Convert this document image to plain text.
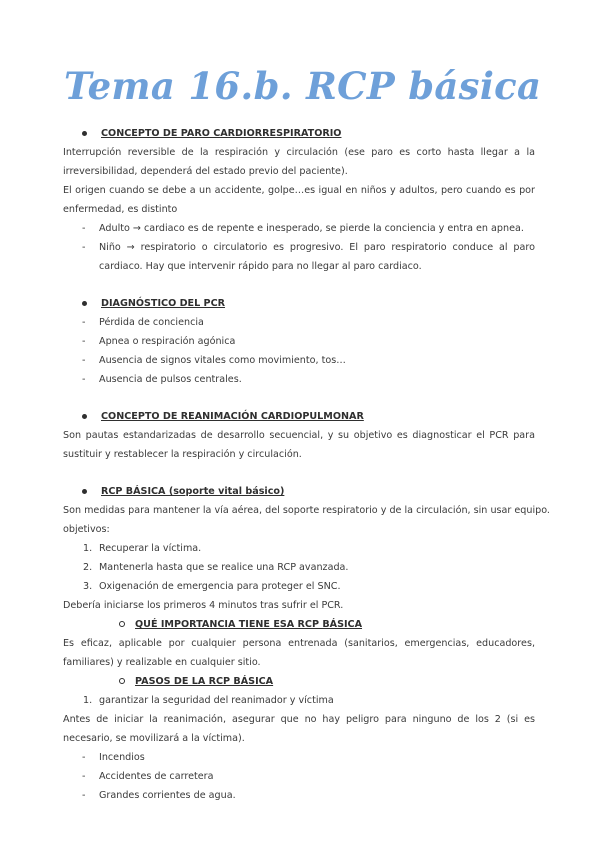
Tema 16.b. RCP básica
CONCEPTO DE PARO CARDIORRESPIRATORIO

Interrupción reversible de la respiración y circulación (ese paro es corto hasta llegar a la irreversibilidad, dependerá del estado previo del paciente).

El origen cuando se debe a un accidente, golpe…es igual en niños y adultos, pero cuando es por enfermedad, es distinto

- Adulto → cardiaco es de repente e inesperado, se pierde la conciencia y entra en apnea.
- Niño → respiratorio o circulatorio es progresivo. El paro respiratorio conduce al paro cardiaco. Hay que intervenir rápido para no llegar al paro cardiaco.
DIAGNÓSTICO DEL PCR
- Pérdida de conciencia
- Apnea o respiración agónica
- Ausencia de signos vitales como movimiento, tos…
- Ausencia de pulsos centrales.
CONCEPTO DE REANIMACIÓN CARDIOPULMONAR

Son pautas estandarizadas de desarrollo secuencial, y su objetivo es diagnosticar el PCR para sustituir y restablecer la respiración y circulación.

RCP BÁSICA (soporte vital básico)

Son medidas para mantener la vía aérea, del soporte respiratorio y de la circulación, sin usar equipo.

objetivos:

1. Recuperar la víctima.
2. Mantenerla hasta que se realice una RCP avanzada.
3. Oxigenación de emergencia para proteger el SNC.

Debería iniciarse los primeros 4 minutos tras sufrir el PCR.

QUÉ IMPORTANCIA TIENE ESA RCP BÁSICA

Es eficaz, aplicable por cualquier persona entrenada (sanitarios, emergencias, educadores, familiares) y realizable en cualquier sitio.

PASOS DE LA RCP BÁSICA
1. garantizar la seguridad del reanimador y víctima

Antes de iniciar la reanimación, asegurar que no hay peligro para ninguno de los 2 (si es necesario, se movilizará a la víctima).

- Incendios
- Accidentes de carretera
- Grandes corrientes de agua.
